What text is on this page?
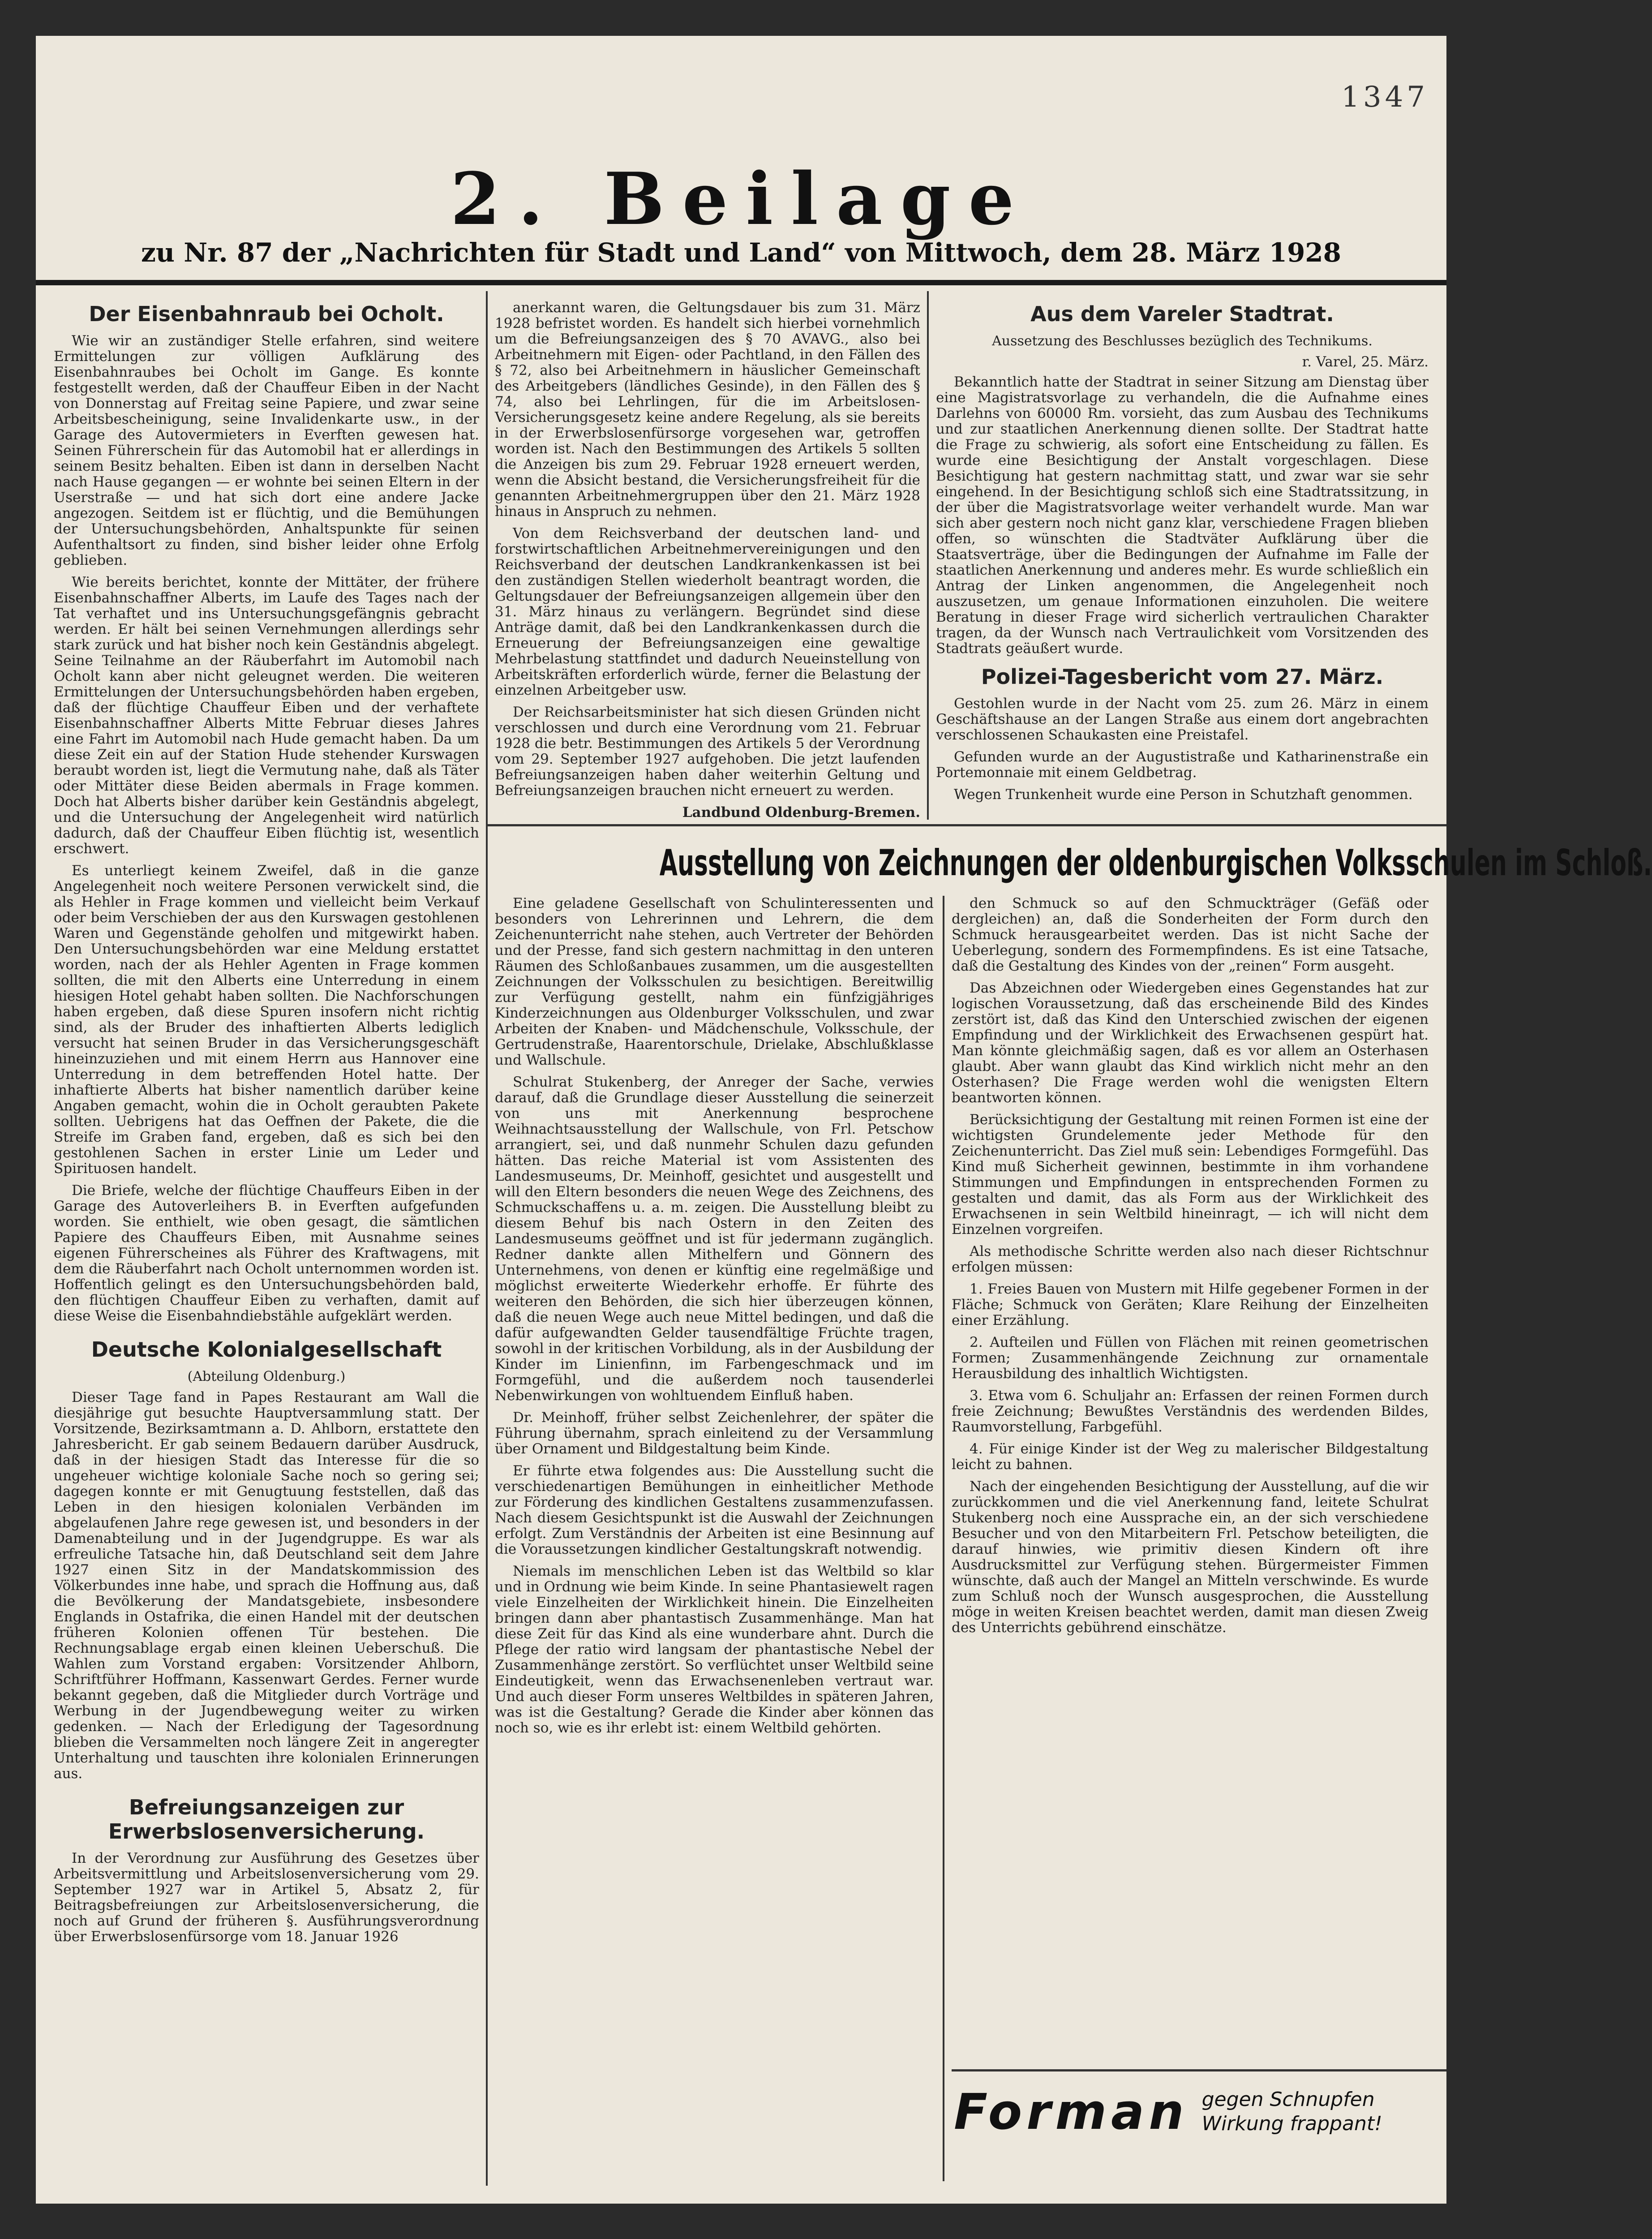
1347
2. Beilage
zu Nr. 87 der „Nachrichten für Stadt und Land“ von Mittwoch, dem 28. März 1928
Der Eisenbahnraub bei Ocholt.

Wie wir an zuständiger Stelle erfahren, sind weitere Ermittelungen zur völligen Aufklärung des Eisenbahnraubes bei Ocholt im Gange. Es konnte festgestellt werden, daß der Chauffeur Eiben in der Nacht von Donnerstag auf Freitag seine Papiere, und zwar seine Arbeitsbescheinigung, seine Invalidenkarte usw., in der Garage des Autovermieters in Everften gewesen hat. Seinen Führerschein für das Automobil hat er allerdings in seinem Besitz behalten. Eiben ist dann in derselben Nacht nach Hause gegangen — er wohnte bei seinen Eltern in der Userstraße — und hat sich dort eine andere Jacke angezogen. Seitdem ist er flüchtig, und die Bemühungen der Untersuchungsbehörden, Anhaltspunkte für seinen Aufenthaltsort zu finden, sind bisher leider ohne Erfolg geblieben.

Wie bereits berichtet, konnte der Mittäter, der frühere Eisenbahnschaffner Alberts, im Laufe des Tages nach der Tat verhaftet und ins Untersuchungsgefängnis gebracht werden. Er hält bei seinen Vernehmungen allerdings sehr stark zurück und hat bisher noch kein Geständnis abgelegt. Seine Teilnahme an der Räuberfahrt im Automobil nach Ocholt kann aber nicht geleugnet werden. Die weiteren Ermittelungen der Untersuchungsbehörden haben ergeben, daß der flüchtige Chauffeur Eiben und der verhaftete Eisenbahnschaffner Alberts Mitte Februar dieses Jahres eine Fahrt im Automobil nach Hude gemacht haben. Da um diese Zeit ein auf der Station Hude stehender Kurswagen beraubt worden ist, liegt die Vermutung nahe, daß als Täter oder Mittäter diese Beiden abermals in Frage kommen. Doch hat Alberts bisher darüber kein Geständnis abgelegt, und die Untersuchung der Angelegenheit wird natürlich dadurch, daß der Chauffeur Eiben flüchtig ist, wesentlich erschwert.

Es unterliegt keinem Zweifel, daß in die ganze Angelegenheit noch weitere Personen verwickelt sind, die als Hehler in Frage kommen und vielleicht beim Verkauf oder beim Verschieben der aus den Kurswagen gestohlenen Waren und Gegenstände geholfen und mitgewirkt haben. Den Untersuchungsbehörden war eine Meldung erstattet worden, nach der als Hehler Agenten in Frage kommen sollten, die mit den Alberts eine Unterredung in einem hiesigen Hotel gehabt haben sollten. Die Nachforschungen haben ergeben, daß diese Spuren insofern nicht richtig sind, als der Bruder des inhaftierten Alberts lediglich versucht hat seinen Bruder in das Versicherungsgeschäft hineinzuziehen und mit einem Herrn aus Hannover eine Unterredung in dem betreffenden Hotel hatte. Der inhaftierte Alberts hat bisher namentlich darüber keine Angaben gemacht, wohin die in Ocholt geraubten Pakete sollten. Uebrigens hat das Oeffnen der Pakete, die die Streife im Graben fand, ergeben, daß es sich bei den gestohlenen Sachen in erster Linie um Leder und Spirituosen handelt.

Die Briefe, welche der flüchtige Chauffeurs Eiben in der Garage des Autoverleihers B. in Everften aufgefunden worden. Sie enthielt, wie oben gesagt, die sämtlichen Papiere des Chauffeurs Eiben, mit Ausnahme seines eigenen Führerscheines als Führer des Kraftwagens, mit dem die Räuberfahrt nach Ocholt unternommen worden ist. Hoffentlich gelingt es den Untersuchungsbehörden bald, den flüchtigen Chauffeur Eiben zu verhaften, damit auf diese Weise die Eisenbahndiebstähle aufgeklärt werden.

Deutsche Kolonialgesellschaft
(Abteilung Oldenburg.)

Dieser Tage fand in Papes Restaurant am Wall die diesjährige gut besuchte Hauptversammlung statt. Der Vorsitzende, Bezirksamtmann a. D. Ahlborn, erstattete den Jahresbericht. Er gab seinem Bedauern darüber Ausdruck, daß in der hiesigen Stadt das Interesse für die so ungeheuer wichtige koloniale Sache noch so gering sei; dagegen konnte er mit Genugtuung feststellen, daß das Leben in den hiesigen kolonialen Verbänden im abgelaufenen Jahre rege gewesen ist, und besonders in der Damenabteilung und in der Jugendgruppe. Es war als erfreuliche Tatsache hin, daß Deutschland seit dem Jahre 1927 einen Sitz in der Mandatskommission des Völkerbundes inne habe, und sprach die Hoffnung aus, daß die Bevölkerung der Mandatsgebiete, insbesondere Englands in Ostafrika, die einen Handel mit der deutschen früheren Kolonien offenen Tür bestehen. Die Rechnungsablage ergab einen kleinen Ueberschuß. Die Wahlen zum Vorstand ergaben: Vorsitzender Ahlborn, Schriftführer Hoffmann, Kassenwart Gerdes. Ferner wurde bekannt gegeben, daß die Mitglieder durch Vorträge und Werbung in der Jugendbewegung weiter zu wirken gedenken. — Nach der Erledigung der Tagesordnung blieben die Versammelten noch längere Zeit in angeregter Unterhaltung und tauschten ihre kolonialen Erinnerungen aus.

Befreiungsanzeigen zur Erwerbslosenversicherung.

In der Verordnung zur Ausführung des Gesetzes über Arbeitsvermittlung und Arbeitslosenversicherung vom 29. September 1927 war in Artikel 5, Absatz 2, für Beitragsbefreiungen zur Arbeitslosenversicherung, die noch auf Grund der früheren §. Ausführungsverordnung über Erwerbslosenfürsorge vom 18. Januar 1926

anerkannt waren, die Geltungsdauer bis zum 31. März 1928 befristet worden. Es handelt sich hierbei vornehmlich um die Befreiungsanzeigen des § 70 AVAVG., also bei Arbeitnehmern mit Eigen- oder Pachtland, in den Fällen des § 72, also bei Arbeitnehmern in häuslicher Gemeinschaft des Arbeitgebers (ländliches Gesinde), in den Fällen des § 74, also bei Lehrlingen, für die im Arbeitslosen-Versicherungsgesetz keine andere Regelung, als sie bereits in der Erwerbslosenfürsorge vorgesehen war, getroffen worden ist. Nach den Bestimmungen des Artikels 5 sollten die Anzeigen bis zum 29. Februar 1928 erneuert werden, wenn die Absicht bestand, die Versicherungsfreiheit für die genannten Arbeitnehmergruppen über den 21. März 1928 hinaus in Anspruch zu nehmen.

Von dem Reichsverband der deutschen land- und forstwirtschaftlichen Arbeitnehmervereinigungen und den Reichsverband der deutschen Landkrankenkassen ist bei den zuständigen Stellen wiederholt beantragt worden, die Geltungsdauer der Befreiungsanzeigen allgemein über den 31. März hinaus zu verlängern. Begründet sind diese Anträge damit, daß bei den Landkrankenkassen durch die Erneuerung der Befreiungsanzeigen eine gewaltige Mehrbelastung stattfindet und dadurch Neueinstellung von Arbeitskräften erforderlich würde, ferner die Belastung der einzelnen Arbeitgeber usw.

Der Reichsarbeitsminister hat sich diesen Gründen nicht verschlossen und durch eine Verordnung vom 21. Februar 1928 die betr. Bestimmungen des Artikels 5 der Verordnung vom 29. September 1927 aufgehoben. Die jetzt laufenden Befreiungsanzeigen haben daher weiterhin Geltung und Befreiungsanzeigen brauchen nicht erneuert zu werden.

Landbund Oldenburg-Bremen.
Aus dem Vareler Stadtrat.
Aussetzung des Beschlusses bezüglich des Technikums.
r. Varel, 25. März.

Bekanntlich hatte der Stadtrat in seiner Sitzung am Dienstag über eine Magistratsvorlage zu verhandeln, die die Aufnahme eines Darlehns von 60000 Rm. vorsieht, das zum Ausbau des Technikums und zur staatlichen Anerkennung dienen sollte. Der Stadtrat hatte die Frage zu schwierig, als sofort eine Entscheidung zu fällen. Es wurde eine Besichtigung der Anstalt vorgeschlagen. Diese Besichtigung hat gestern nachmittag statt, und zwar war sie sehr eingehend. In der Besichtigung schloß sich eine Stadtratssitzung, in der über die Magistratsvorlage weiter verhandelt wurde. Man war sich aber gestern noch nicht ganz klar, verschiedene Fragen blieben offen, so wünschten die Stadtväter Aufklärung über die Staatsverträge, über die Bedingungen der Aufnahme im Falle der staatlichen Anerkennung und anderes mehr. Es wurde schließlich ein Antrag der Linken angenommen, die Angelegenheit noch auszusetzen, um genaue Informationen einzuholen. Die weitere Beratung in dieser Frage wird sicherlich vertraulichen Charakter tragen, da der Wunsch nach Vertraulichkeit vom Vorsitzenden des Stadtrats geäußert wurde.

Polizei-Tagesbericht vom 27. März.

Gestohlen wurde in der Nacht vom 25. zum 26. März in einem Geschäftshause an der Langen Straße aus einem dort angebrachten verschlossenen Schaukasten eine Preistafel.

Gefunden wurde an der Augustistraße und Katharinenstraße ein Portemonnaie mit einem Geldbetrag.

Wegen Trunkenheit wurde eine Person in Schutzhaft genommen.

Ausstellung von Zeichnungen der oldenburgischen Volksschulen im Schloß.

Eine geladene Gesellschaft von Schulinteressenten und besonders von Lehrerinnen und Lehrern, die dem Zeichenunterricht nahe stehen, auch Vertreter der Behörden und der Presse, fand sich gestern nachmittag in den unteren Räumen des Schloßanbaues zusammen, um die ausgestellten Zeichnungen der Volksschulen zu besichtigen. Bereitwillig zur Verfügung gestellt, nahm ein fünfzigjähriges Kinderzeichnungen aus Oldenburger Volksschulen, und zwar Arbeiten der Knaben- und Mädchenschule, Volksschule, der Gertrudenstraße, Haarentorschule, Drielake, Abschlußklasse und Wallschule.

Schulrat Stukenberg, der Anreger der Sache, verwies darauf, daß die Grundlage dieser Ausstellung die seinerzeit von uns mit Anerkennung besprochene Weihnachtsausstellung der Wallschule, von Frl. Petschow arrangiert, sei, und daß nunmehr Schulen dazu gefunden hätten. Das reiche Material ist vom Assistenten des Landesmuseums, Dr. Meinhoff, gesichtet und ausgestellt und will den Eltern besonders die neuen Wege des Zeichnens, des Schmuckschaffens u. a. m. zeigen. Die Ausstellung bleibt zu diesem Behuf bis nach Ostern in den Zeiten des Landesmuseums geöffnet und ist für jedermann zugänglich. Redner dankte allen Mithelfern und Gönnern des Unternehmens, von denen er künftig eine regelmäßige und möglichst erweiterte Wiederkehr erhoffe. Er führte des weiteren den Behörden, die sich hier überzeugen können, daß die neuen Wege auch neue Mittel bedingen, und daß die dafür aufgewandten Gelder tausendfältige Früchte tragen, sowohl in der kritischen Vorbildung, als in der Ausbildung der Kinder im Linienfinn, im Farbengeschmack und im Formgefühl, und die außerdem noch tausenderlei Nebenwirkungen von wohltuendem Einfluß haben.

Dr. Meinhoff, früher selbst Zeichenlehrer, der später die Führung übernahm, sprach einleitend zu der Versammlung über Ornament und Bildgestaltung beim Kinde.

Er führte etwa folgendes aus: Die Ausstellung sucht die verschiedenartigen Bemühungen in einheitlicher Methode zur Förderung des kindlichen Gestaltens zusammenzufassen. Nach diesem Gesichtspunkt ist die Auswahl der Zeichnungen erfolgt. Zum Verständnis der Arbeiten ist eine Besinnung auf die Voraussetzungen kindlicher Gestaltungskraft notwendig.

Niemals im menschlichen Leben ist das Weltbild so klar und in Ordnung wie beim Kinde. In seine Phantasiewelt ragen viele Einzelheiten der Wirklichkeit hinein. Die Einzelheiten bringen dann aber phantastisch Zusammenhänge. Man hat diese Zeit für das Kind als eine wunderbare ahnt. Durch die Pflege der ratio wird langsam der phantastische Nebel der Zusammenhänge zerstört. So verflüchtet unser Weltbild seine Eindeutigkeit, wenn das Erwachsenenleben vertraut war. Und auch dieser Form unseres Weltbildes in späteren Jahren, was ist die Gestaltung? Gerade die Kinder aber können das noch so, wie es ihr erlebt ist: einem Weltbild gehörten.

den Schmuck so auf den Schmuckträger (Gefäß oder dergleichen) an, daß die Sonderheiten der Form durch den Schmuck herausgearbeitet werden. Das ist nicht Sache der Ueberlegung, sondern des Formempfindens. Es ist eine Tatsache, daß die Gestaltung des Kindes von der „reinen“ Form ausgeht.

Das Abzeichnen oder Wiedergeben eines Gegenstandes hat zur logischen Voraussetzung, daß das erscheinende Bild des Kindes zerstört ist, daß das Kind den Unterschied zwischen der eigenen Empfindung und der Wirklichkeit des Erwachsenen gespürt hat. Man könnte gleichmäßig sagen, daß es vor allem an Osterhasen glaubt. Aber wann glaubt das Kind wirklich nicht mehr an den Osterhasen? Die Frage werden wohl die wenigsten Eltern beantworten können.

Berücksichtigung der Gestaltung mit reinen Formen ist eine der wichtigsten Grundelemente jeder Methode für den Zeichenunterricht. Das Ziel muß sein: Lebendiges Formgefühl. Das Kind muß Sicherheit gewinnen, bestimmte in ihm vorhandene Stimmungen und Empfindungen in entsprechenden Formen zu gestalten und damit, das als Form aus der Wirklichkeit des Erwachsenen in sein Weltbild hineinragt, — ich will nicht dem Einzelnen vorgreifen.

Als methodische Schritte werden also nach dieser Richtschnur erfolgen müssen:

1. Freies Bauen von Mustern mit Hilfe gegebener Formen in der Fläche; Schmuck von Geräten; Klare Reihung der Einzelheiten einer Erzählung.

2. Aufteilen und Füllen von Flächen mit reinen geometrischen Formen; Zusammenhängende Zeichnung zur ornamentale Herausbildung des inhaltlich Wichtigsten.

3. Etwa vom 6. Schuljahr an: Erfassen der reinen Formen durch freie Zeichnung; Bewußtes Verständnis des werdenden Bildes, Raumvorstellung, Farbgefühl.

4. Für einige Kinder ist der Weg zu malerischer Bildgestaltung leicht zu bahnen.

Nach der eingehenden Besichtigung der Ausstellung, auf die wir zurückkommen und die viel Anerkennung fand, leitete Schulrat Stukenberg noch eine Aussprache ein, an der sich verschiedene Besucher und von den Mitarbeitern Frl. Petschow beteiligten, die darauf hinwies, wie primitiv diesen Kindern oft ihre Ausdrucksmittel zur Verfügung stehen. Bürgermeister Fimmen wünschte, daß auch der Mangel an Mitteln verschwinde. Es wurde zum Schluß noch der Wunsch ausgesprochen, die Ausstellung möge in weiten Kreisen beachtet werden, damit man diesen Zweig des Unterrichts gebührend einschätze.

Forman gegen Schnupfen
Wirkung frappant!
